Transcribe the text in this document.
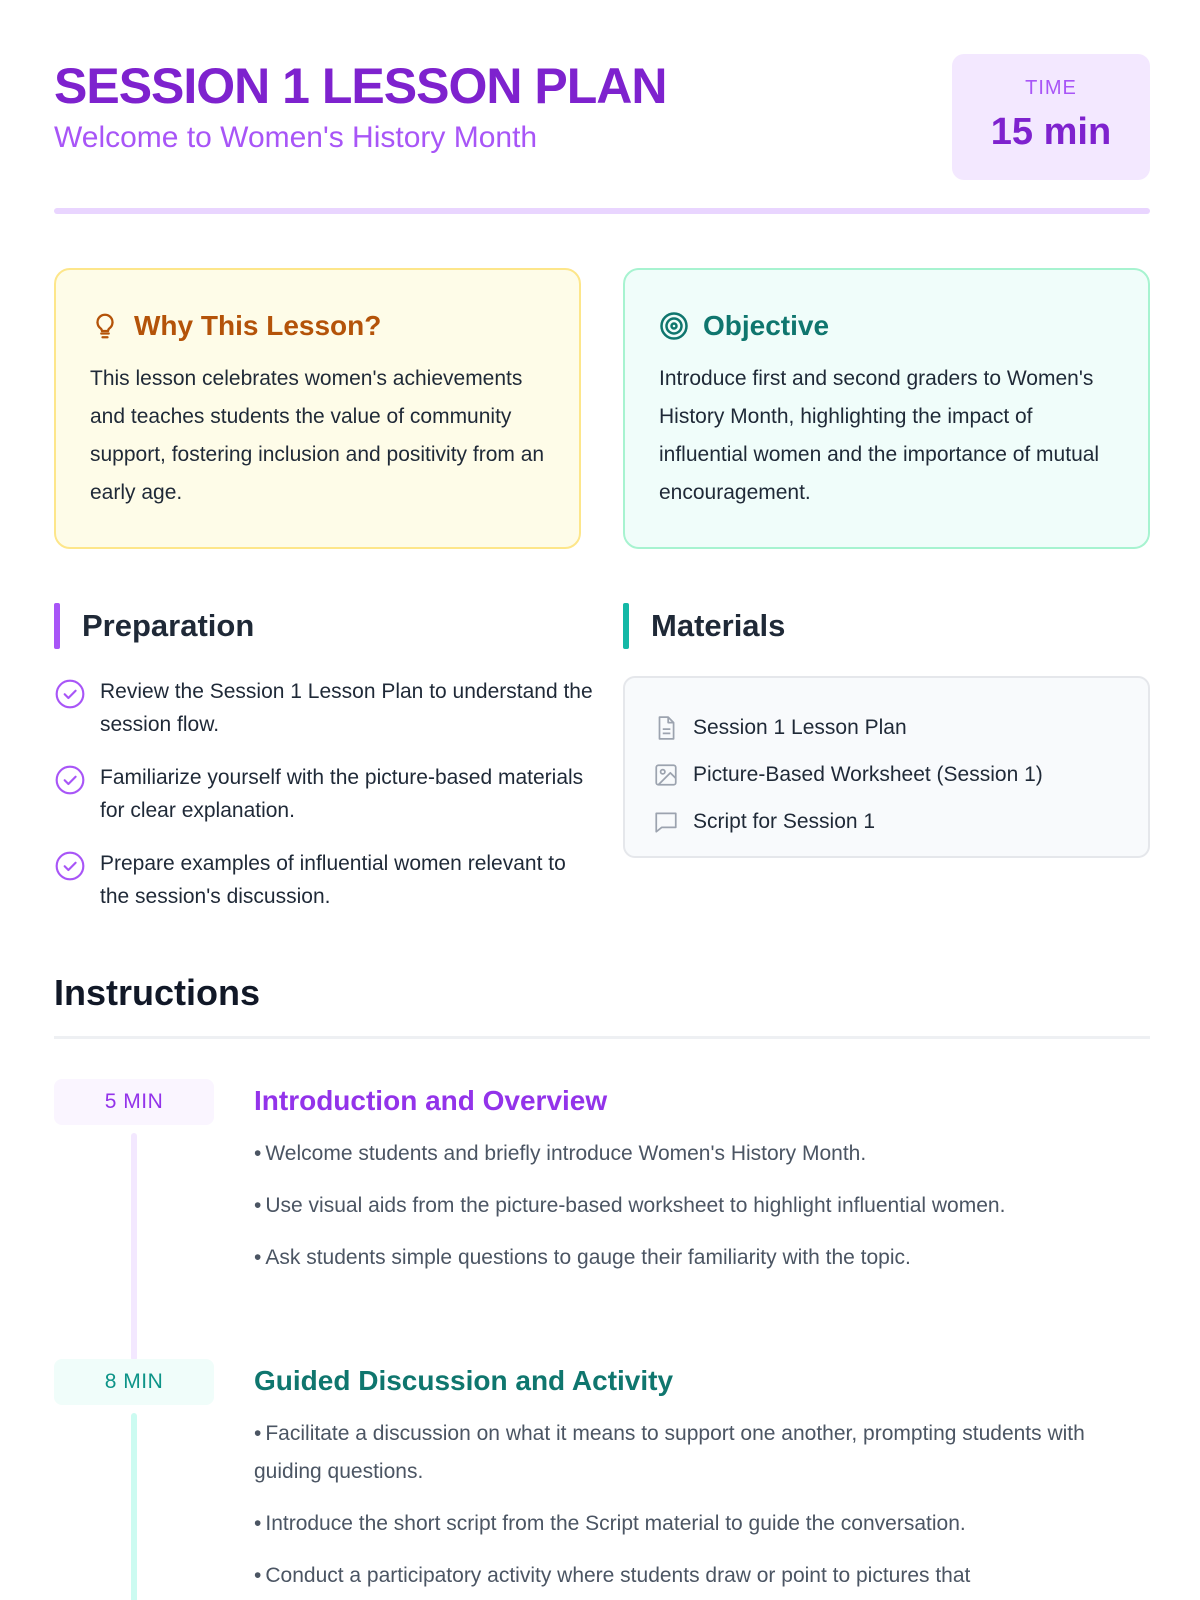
SESSION 1 LESSON PLAN
Welcome to Women's History Month
TIME
15 min
Why This Lesson?

This lesson celebrates women's achievements and teaches students the value of community support, fostering inclusion and positivity from an early age.

Objective

Introduce first and second graders to Women's History Month, highlighting the impact of influential women and the importance of mutual encouragement.

Preparation
Review the Session 1 Lesson Plan to understand the session flow.
Familiarize yourself with the picture-based materials for clear explanation.
Prepare examples of influential women relevant to the session's discussion.
Materials
Session 1 Lesson Plan
Picture-Based Worksheet (Session 1)
Script for Session 1
Instructions
5 MIN	Introduction and Overview
• Welcome students and briefly introduce Women's History Month.
• Use visual aids from the picture-based worksheet to highlight influential women.
• Ask students simple questions to gauge their familiarity with the topic.
8 MIN	Guided Discussion and Activity
• Facilitate a discussion on what it means to support one another, prompting students with guiding questions.
• Introduce the short script from the Script material to guide the conversation.
• Conduct a participatory activity where students draw or point to pictures that
